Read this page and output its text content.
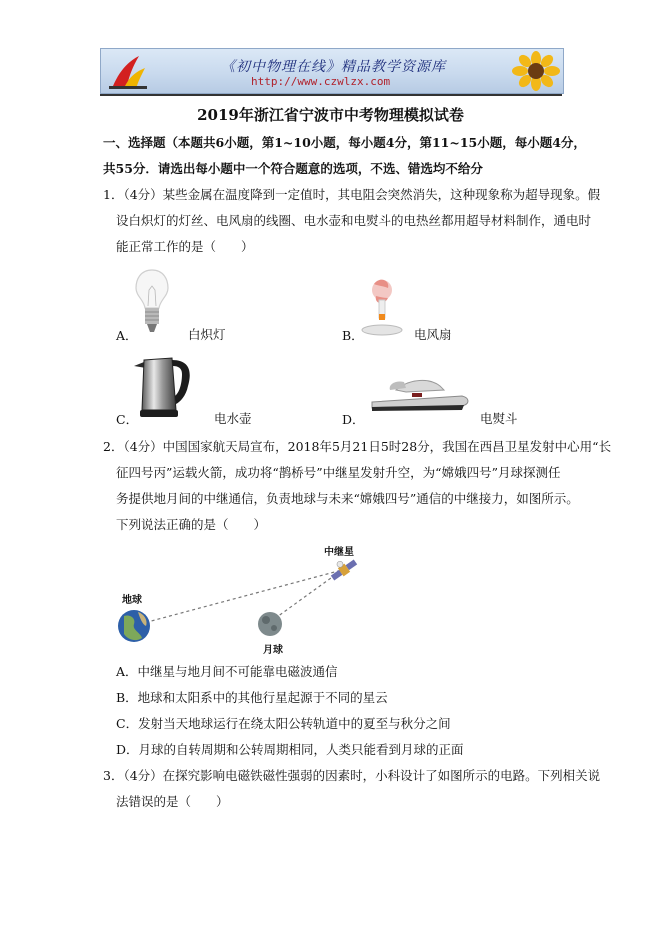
《初中物理在线》精品教学资源库
http://www.czwlzx.com
2019年浙江省宁波市中考物理模拟试卷
一、选择题（本题共6小题，第1~10小题，每小题4分，第11~15小题，每小题4分，
共55分．请选出每小题中一个符合题意的选项，不选、错选均不给分
1．（4分）某些金属在温度降到一定值时，其电阻会突然消失，这种现象称为超导现象。假
设白炽灯的灯丝、电风扇的线圈、电水壶和电熨斗的电热丝都用超导材料制作，通电时
能正常工作的是（　　）
A．	白炽灯	B．	电风扇
C．	电水壶	D．	电熨斗
2．（4分）中国国家航天局宣布，2018年5月21日5时28分，我国在西昌卫星发射中心用“长
征四号丙”运载火箭，成功将“鹊桥号”中继星发射升空，为“嫦娥四号”月球探测任
务提供地月间的中继通信，负责地球与未来“嫦娥四号”通信的中继接力，如图所示。
下列说法正确的是（　　）
中继星
地球
月球
A．中继星与地月间不可能靠电磁波通信
B．地球和太阳系中的其他行星起源于不同的星云
C．发射当天地球运行在绕太阳公转轨道中的夏至与秋分之间
D．月球的自转周期和公转周期相同，人类只能看到月球的正面
3．（4分）在探究影响电磁铁磁性强弱的因素时，小科设计了如图所示的电路。下列相关说
法错误的是（　　）
